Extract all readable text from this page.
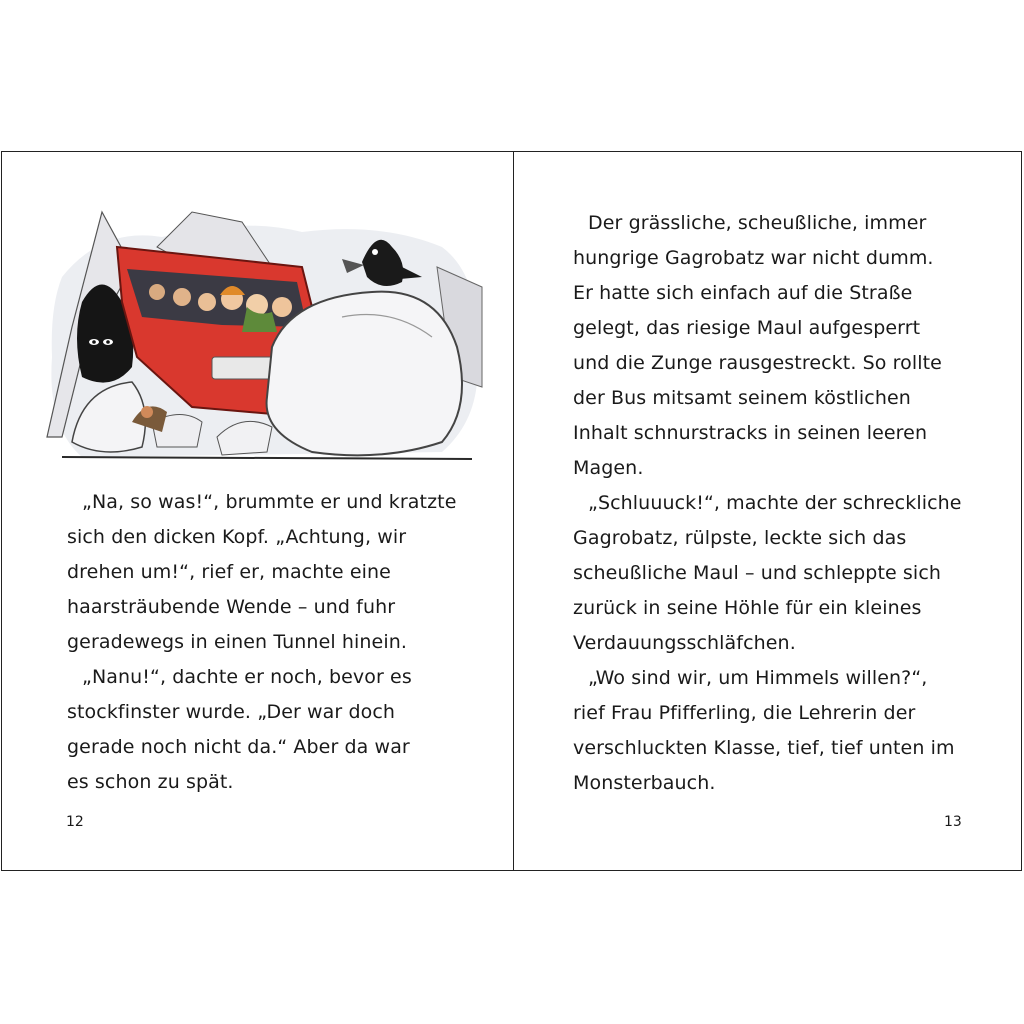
„Na, so was!“, brummte er und kratzte
sich den dicken Kopf. „Achtung, wir
drehen um!“, rief er, machte eine
haarsträubende Wende – und fuhr
geradewegs in einen Tunnel hinein.
„Nanu!“, dachte er noch, bevor es
stockfinster wurde. „Der war doch
gerade noch nicht da.“ Aber da war
es schon zu spät.
12
Der grässliche, scheußliche, immer
hungrige Gagrobatz war nicht dumm.
Er hatte sich einfach auf die Straße
gelegt, das riesige Maul aufgesperrt
und die Zunge rausgestreckt. So rollte
der Bus mitsamt seinem köstlichen
Inhalt schnurstracks in seinen leeren
Magen.
„Schluuuck!“, machte der schreckliche
Gagrobatz, rülpste, leckte sich das
scheußliche Maul – und schleppte sich
zurück in seine Höhle für ein kleines
Verdauungsschläfchen.
„Wo sind wir, um Himmels willen?“,
rief Frau Pfifferling, die Lehrerin der
verschluckten Klasse, tief, tief unten im
Monsterbauch.
13
